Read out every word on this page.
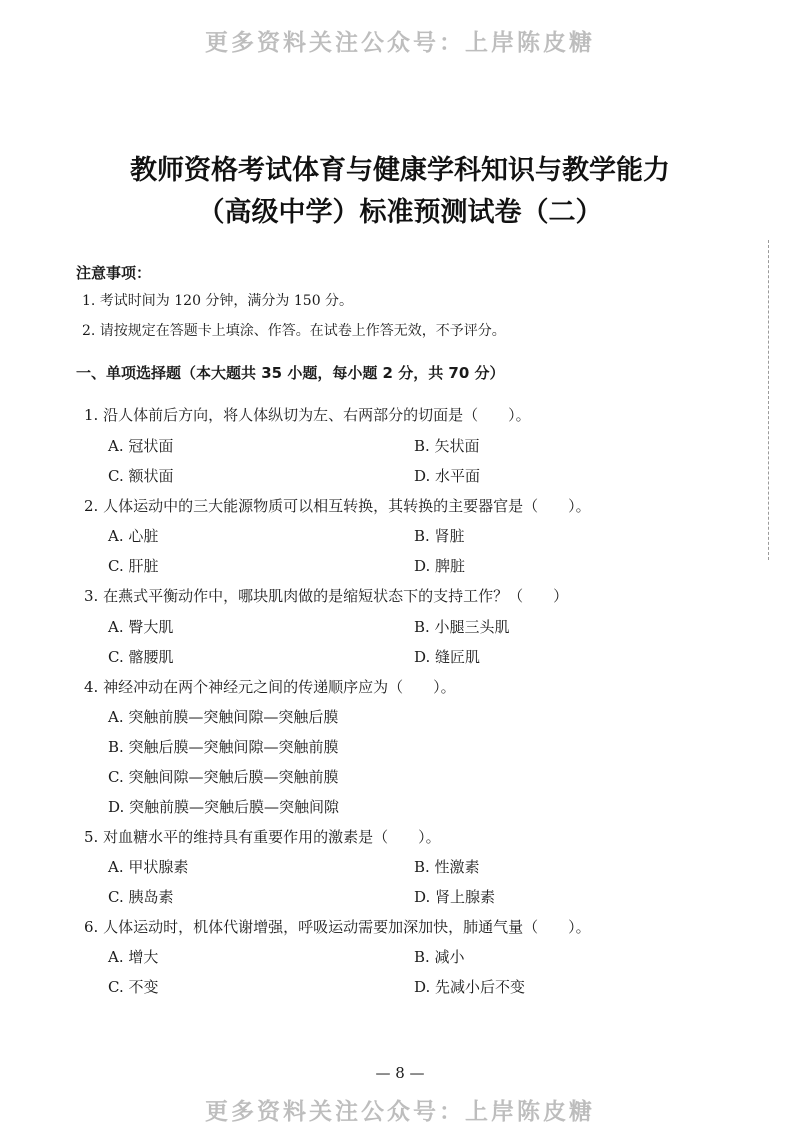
更多资料关注公众号：上岸陈皮糖
教师资格考试体育与健康学科知识与教学能力
（高级中学）标准预测试卷（二）
注意事项：
1. 考试时间为 120 分钟，满分为 150 分。
2. 请按规定在答题卡上填涂、作答。在试卷上作答无效，不予评分。
一、单项选择题（本大题共 35 小题，每小题 2 分，共 70 分）
1. 沿人体前后方向，将人体纵切为左、右两部分的切面是（　　）。
A. 冠状面	B. 矢状面
C. 额状面	D. 水平面
2. 人体运动中的三大能源物质可以相互转换，其转换的主要器官是（　　）。
A. 心脏	B. 肾脏
C. 肝脏	D. 脾脏
3. 在燕式平衡动作中，哪块肌肉做的是缩短状态下的支持工作？（　　）
A. 臀大肌	B. 小腿三头肌
C. 髂腰肌	D. 缝匠肌
4. 神经冲动在两个神经元之间的传递顺序应为（　　）。
A. 突触前膜—突触间隙—突触后膜
B. 突触后膜—突触间隙—突触前膜
C. 突触间隙—突触后膜—突触前膜
D. 突触前膜—突触后膜—突触间隙
5. 对血糖水平的维持具有重要作用的激素是（　　）。
A. 甲状腺素	B. 性激素
C. 胰岛素	D. 肾上腺素
6. 人体运动时，机体代谢增强，呼吸运动需要加深加快，肺通气量（　　）。
A. 增大	B. 减小
C. 不变	D. 先减小后不变
— 8 —
更多资料关注公众号：上岸陈皮糖
